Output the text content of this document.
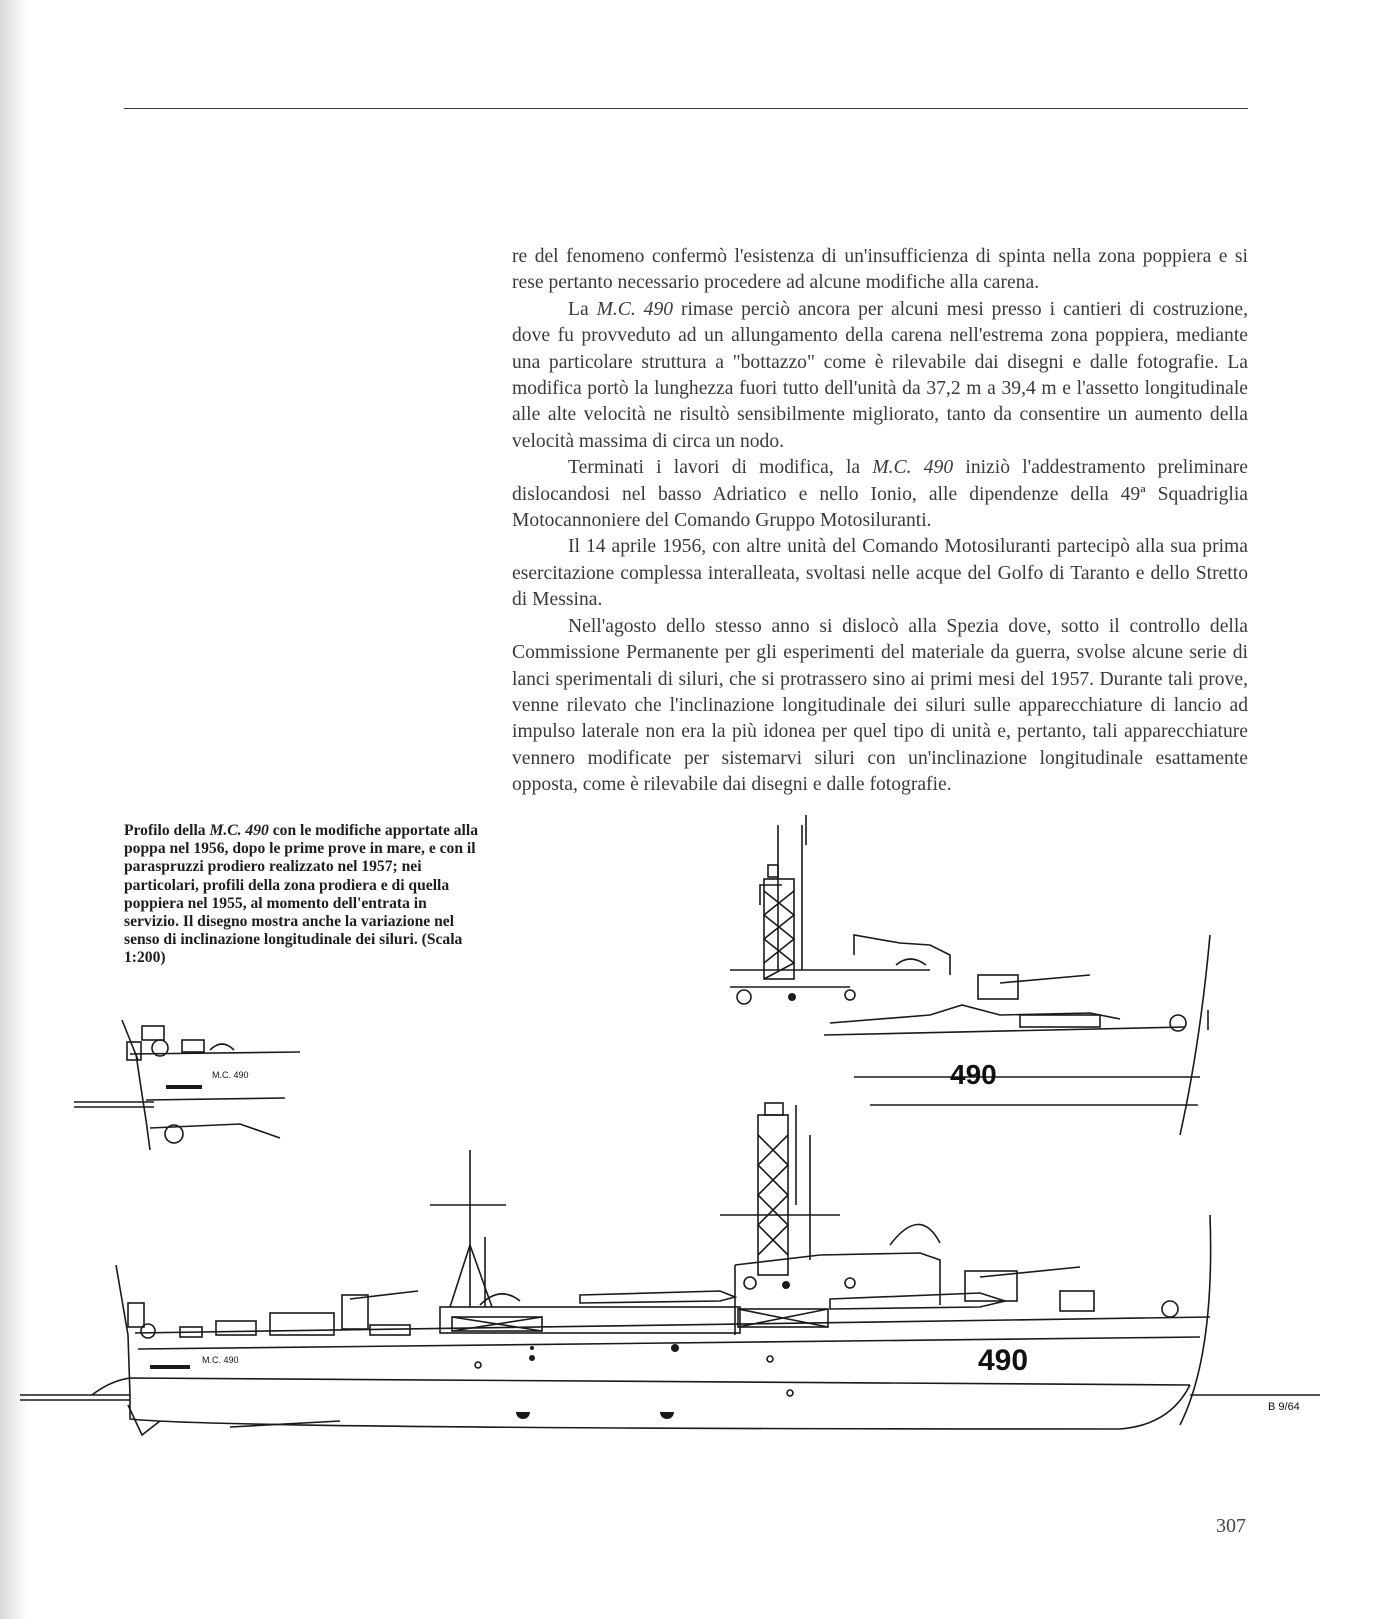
re del fenomeno confermò l'esistenza di un'insufficienza di spinta nella zona poppiera e si rese pertanto necessario procedere ad alcune modifiche alla carena.

La M.C. 490 rimase perciò ancora per alcuni mesi presso i cantieri di costruzione, dove fu provveduto ad un allungamento della carena nell'estrema zona poppiera, mediante una particolare struttura a "bottazzo" come è rilevabile dai disegni e dalle fotografie. La modifica portò la lunghezza fuori tutto dell'unità da 37,2 m a 39,4 m e l'assetto longitudinale alle alte velocità ne risultò sensibilmente migliorato, tanto da consentire un aumento della velocità massima di circa un nodo.

Terminati i lavori di modifica, la M.C. 490 iniziò l'addestramento preliminare dislocandosi nel basso Adriatico e nello Ionio, alle dipendenze della 49ª Squadriglia Motocannoniere del Comando Gruppo Motosiluranti.

Il 14 aprile 1956, con altre unità del Comando Motosiluranti partecipò alla sua prima esercitazione complessa interalleata, svoltasi nelle acque del Golfo di Taranto e dello Stretto di Messina.

Nell'agosto dello stesso anno si dislocò alla Spezia dove, sotto il controllo della Commissione Permanente per gli esperimenti del materiale da guerra, svolse alcune serie di lanci sperimentali di siluri, che si protrassero sino ai primi mesi del 1957. Durante tali prove, venne rilevato che l'inclinazione longitudinale dei siluri sulle apparecchiature di lancio ad impulso laterale non era la più idonea per quel tipo di unità e, pertanto, tali apparecchiature vennero modificate per sistemarvi siluri con un'inclinazione longitudinale esattamente opposta, come è rilevabile dai disegni e dalle fotografie.

Profilo della M.C. 490 con le modifiche apportate alla poppa nel 1956, dopo le prime prove in mare, e con il paraspruzzi prodiero realizzato nel 1957; nei particolari, profili della zona prodiera e di quella poppiera nel 1955, al momento dell'entrata in servizio. Il disegno mostra anche la variazione nel senso di inclinazione longitudinale dei siluri. (Scala 1:200)
M.C. 490	490
M.C. 490	490
B 9/64
307
